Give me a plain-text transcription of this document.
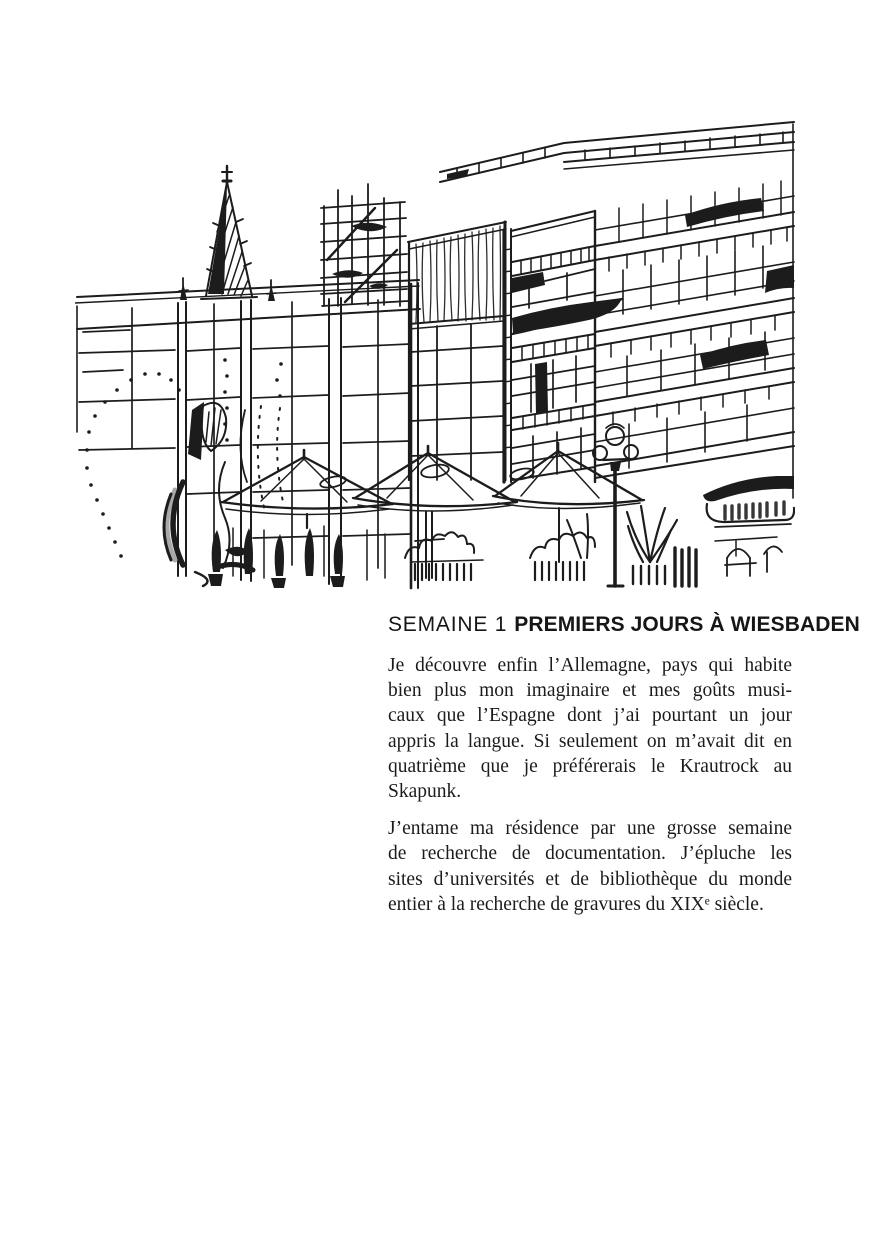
SEMAINE 1 PREMIERS JOURS À WIESBADEN

Je découvre enfin l’Allemagne, pays qui habite
bien plus mon imaginaire et mes goûts musi-
caux que l’Espagne dont j’ai pourtant un jour
appris la langue. Si seulement on m’avait dit en
quatrième que je préférerais le Krautrock au
Skapunk.

J’entame ma résidence par une grosse semaine
de recherche de documentation. J’épluche les
sites d’universités et de bibliothèque du monde
entier à la recherche de gravures du XIXᵉ siècle.
